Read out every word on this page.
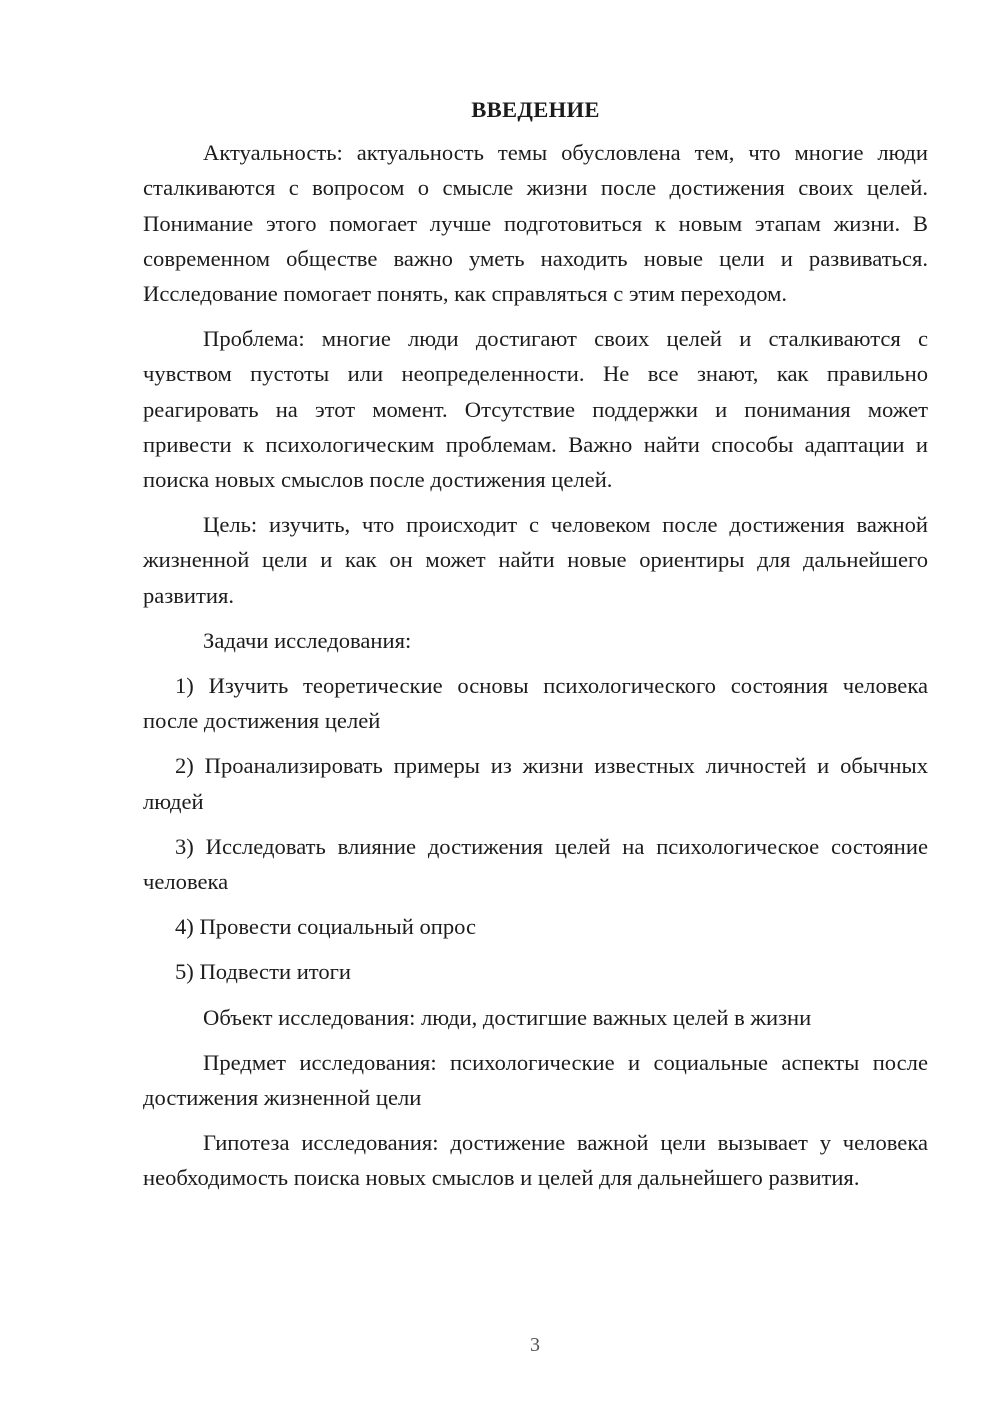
ВВЕДЕНИЕ

Актуальность: актуальность темы обусловлена тем, что многие люди сталкиваются с вопросом о смысле жизни после достижения своих целей. Понимание этого помогает лучше подготовиться к новым этапам жизни. В современном обществе важно уметь находить новые цели и развиваться. Исследование помогает понять, как справляться с этим переходом.

Проблема: многие люди достигают своих целей и сталкиваются с чувством пустоты или неопределенности. Не все знают, как правильно реагировать на этот момент. Отсутствие поддержки и понимания может привести к психологическим проблемам. Важно найти способы адаптации и поиска новых смыслов после достижения целей.

Цель: изучить, что происходит с человеком после достижения важной жизненной цели и как он может найти новые ориентиры для дальнейшего развития.

Задачи исследования:

1) Изучить теоретические основы психологического состояния человека после достижения целей

2) Проанализировать примеры из жизни известных личностей и обычных людей

3) Исследовать влияние достижения целей на психологическое состояние человека

4) Провести социальный опрос

5) Подвести итоги

Объект исследования: люди, достигшие важных целей в жизни

Предмет исследования: психологические и социальные аспекты после достижения жизненной цели

Гипотеза исследования: достижение важной цели вызывает у человека необходимость поиска новых смыслов и целей для дальнейшего развития.

3
